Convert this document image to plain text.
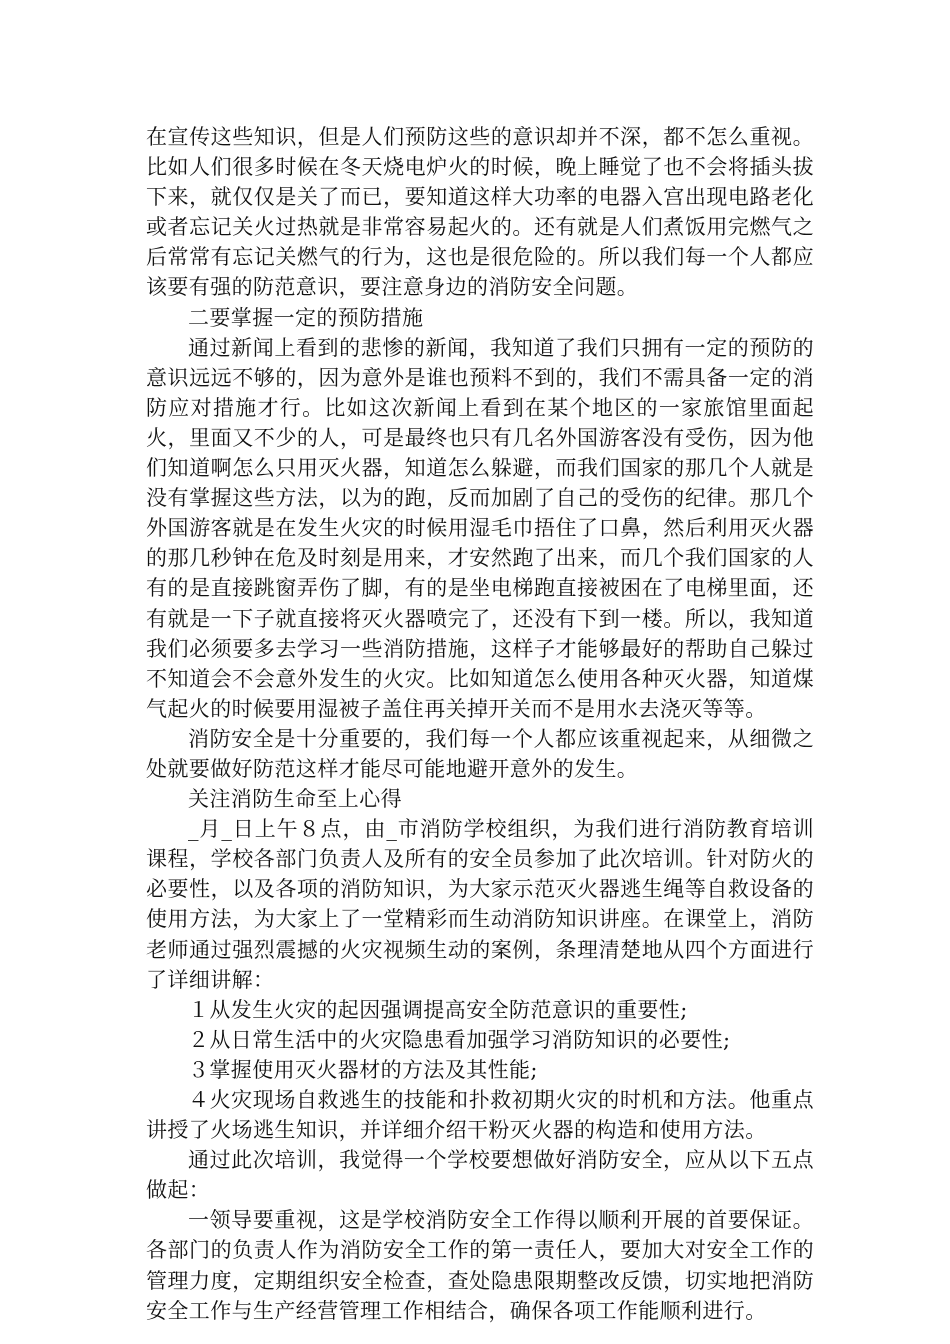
在宣传这些知识，但是人们预防这些的意识却并不深，都不怎么重视。比如人们很多时候在冬天烧电炉火的时候，晚上睡觉了也不会将插头拔下来，就仅仅是关了而已，要知道这样大功率的电器入宫出现电路老化或者忘记关火过热就是非常容易起火的。还有就是人们煮饭用完燃气之后常常有忘记关燃气的行为，这也是很危险的。所以我们每一个人都应该要有强的防范意识，要注意身边的消防安全问题。

二要掌握一定的预防措施

通过新闻上看到的悲惨的新闻，我知道了我们只拥有一定的预防的意识远远不够的，因为意外是谁也预料不到的，我们不需具备一定的消防应对措施才行。比如这次新闻上看到在某个地区的一家旅馆里面起火，里面又不少的人，可是最终也只有几名外国游客没有受伤，因为他们知道啊怎么只用灭火器，知道怎么躲避，而我们国家的那几个人就是没有掌握这些方法，以为的跑，反而加剧了自己的受伤的纪律。那几个外国游客就是在发生火灾的时候用湿毛巾捂住了口鼻，然后利用灭火器的那几秒钟在危及时刻是用来，才安然跑了出来，而几个我们国家的人有的是直接跳窗弄伤了脚，有的是坐电梯跑直接被困在了电梯里面，还有就是一下子就直接将灭火器喷完了，还没有下到一楼。所以，我知道我们必须要多去学习一些消防措施，这样子才能够最好的帮助自己躲过不知道会不会意外发生的火灾。比如知道怎么使用各种灭火器，知道煤气起火的时候要用湿被子盖住再关掉开关而不是用水去浇灭等等。

消防安全是十分重要的，我们每一个人都应该重视起来，从细微之处就要做好防范这样才能尽可能地避开意外的发生。

关注消防生命至上心得

_月_日上午８点，由_市消防学校组织，为我们进行消防教育培训课程，学校各部门负责人及所有的安全员参加了此次培训。针对防火的必要性，以及各项的消防知识，为大家示范灭火器逃生绳等自救设备的使用方法，为大家上了一堂精彩而生动消防知识讲座。在课堂上，消防老师通过强烈震撼的火灾视频生动的案例，条理清楚地从四个方面进行了详细讲解：

１从发生火灾的起因强调提高安全防范意识的重要性;

２从日常生活中的火灾隐患看加强学习消防知识的必要性;

３掌握使用灭火器材的方法及其性能;

４火灾现场自救逃生的技能和扑救初期火灾的时机和方法。他重点讲授了火场逃生知识，并详细介绍干粉灭火器的构造和使用方法。

通过此次培训，我觉得一个学校要想做好消防安全，应从以下五点做起：

一领导要重视，这是学校消防安全工作得以顺利开展的首要保证。各部门的负责人作为消防安全工作的第一责任人，要加大对安全工作的管理力度，定期组织安全检查，查处隐患限期整改反馈，切实地把消防安全工作与生产经营管理工作相结合，确保各项工作能顺利进行。
